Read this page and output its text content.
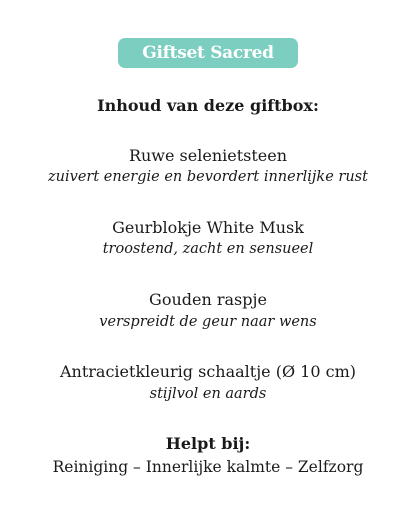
Giftset Sacred Glow
Inhoud van deze giftbox:
Ruwe selenietsteen
zuivert energie en bevordert innerlijke rust
Geurblokje White Musk
troostend, zacht en sensueel
Gouden raspje
verspreidt de geur naar wens
Antracietkleurig schaaltje (Ø 10 cm)
stijlvol en aards
Helpt bij:
Reiniging – Innerlijke kalmte – Zelfzorg
